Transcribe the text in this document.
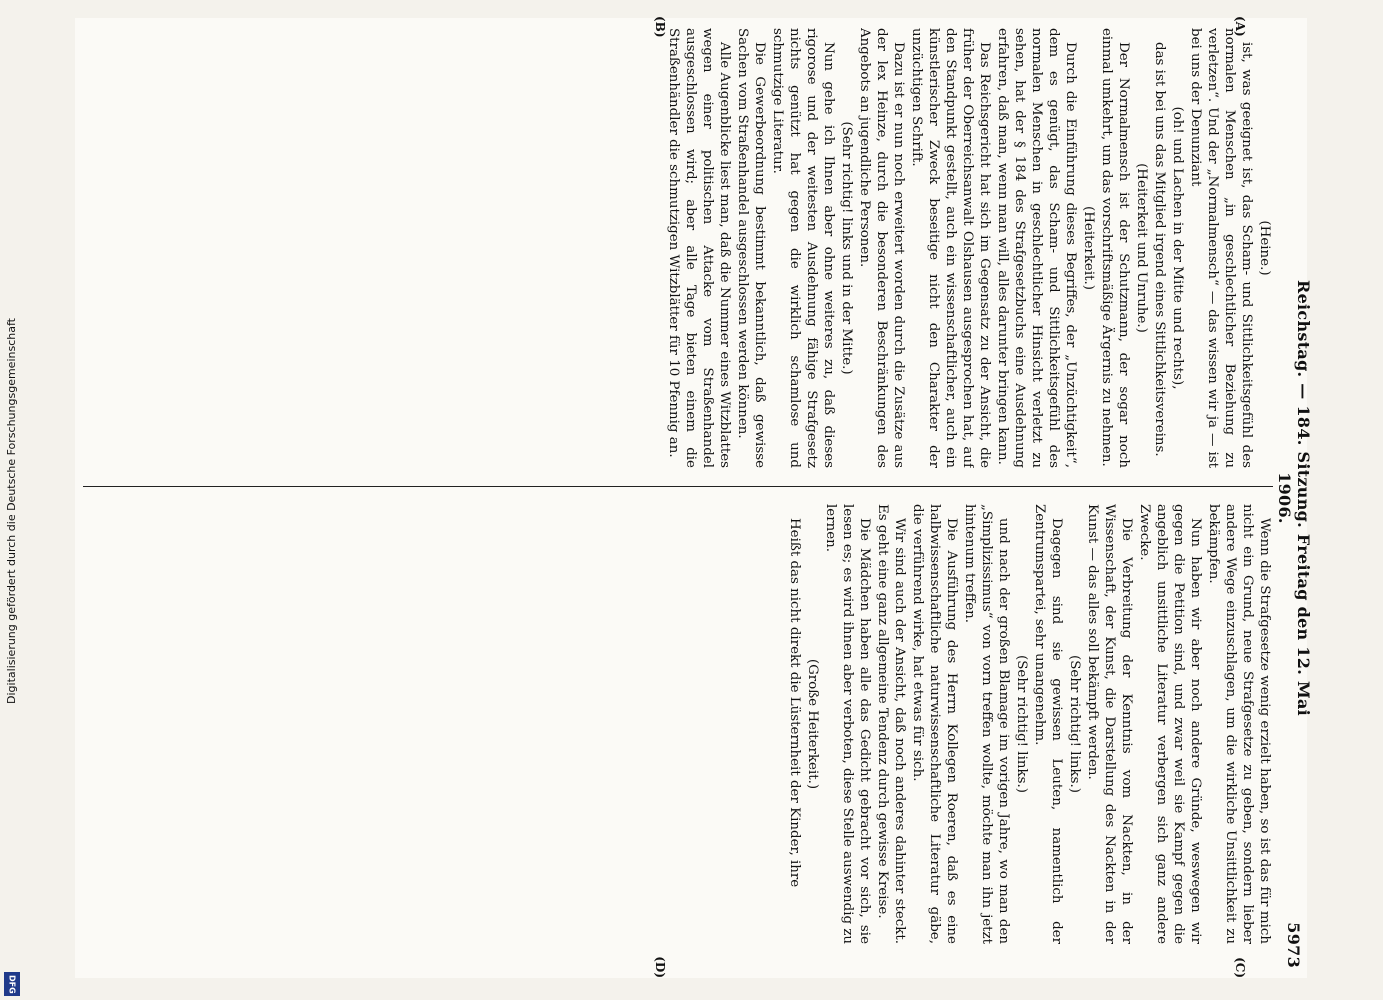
Reichstag. — 184. Sitzung. Freitag den 12. Mai 1906.
5973

(Heine.)

ist, was geeignet ist, das Scham- und Sittlichkeitsgefühl des normalen Menschen „in geschlechtlicher Beziehung zu verletzen“. Und der „Normalmensch“ — das wissen wir ja — ist bei uns der Denunziant

(oh! und Lachen in der Mitte und rechts),

das ist bei uns das Mitglied irgend eines Sittlichkeitsvereins.

(Heiterkeit und Unruhe.)

Der Normalmensch ist der Schutzmann, der sogar noch einmal umkehrt, um das vorschriftsmäßige Ärgernis zu nehmen.

(Heiterkeit.)

Durch die Einführung dieses Begriffes, der „Unzüchtigkeit“, dem es genügt, das Scham- und Sittlichkeitsgefühl des normalen Menschen in geschlechtlicher Hinsicht verletzt zu sehen, hat der § 184 des Strafgesetzbuchs eine Ausdehnung erfahren, daß man, wenn man will, alles darunter bringen kann.

Das Reichsgericht hat sich im Gegensatz zu der Ansicht, die früher der Oberreichsanwalt Olshausen ausgesprochen hat, auf den Standpunkt gestellt, auch ein wissenschaftlicher, auch ein künstlerischer Zweck beseitige nicht den Charakter der unzüchtigen Schrift.

Dazu ist er nun noch erweitert worden durch die Zusätze aus der lex Heinze, durch die besonderen Beschränkungen des Angebots an jugendliche Personen.

(Sehr richtig! links und in der Mitte.)

Nun gehe ich Ihnen aber ohne weiteres zu, daß dieses rigorose und der weitesten Ausdehnung fähige Strafgesetz nichts genützt hat gegen die wirklich schamlose und schmutzige Literatur.

Die Gewerbeordnung bestimmt bekanntlich, daß gewisse Sachen vom Straßenhandel ausgeschlossen werden können.

Alle Augenblicke liest man, daß die Nummer eines Witzblattes wegen einer politischen Attacke vom Straßenhandel ausgeschlossen wird; aber alle Tage bieten einem die Straßenhändler die schmutzigen Witzblätter für 10 Pfennig an.

Wenn die Strafgesetze wenig erzielt haben, so ist das für mich nicht ein Grund, neue Strafgesetze zu geben, sondern lieber andere Wege einzuschlagen, um die wirkliche Unsittlichkeit zu bekämpfen.

Nun haben wir aber noch andere Gründe, weswegen wir gegen die Petition sind, und zwar weil sie Kampf gegen die angeblich unsittliche Literatur verbergen sich ganz andere Zwecke.

Die Verbreitung der Kenntnis vom Nackten, in der Wissenschaft, der Kunst, die Darstellung des Nackten in der Kunst — das alles soll bekämpft werden.

(Sehr richtig! links.)

Dagegen sind sie gewissen Leuten, namentlich der Zentrumspartei, sehr unangenehm.

(Sehr richtig! links.)

und nach der großen Blamage im vorigen Jahre, wo man den „Simplizissimus“ von vorn treffen wollte, möchte man ihn jetzt hintenum treffen.

Die Ausführung des Herrn Kollegen Roeren, daß es eine halbwissenschaftliche naturwissenschaftliche Literatur gäbe, die verführend wirke, hat etwas für sich.

Wir sind auch der Ansicht, daß noch anderes dahinter steckt. Es geht eine ganz allgemeine Tendenz durch gewisse Kreise.

Die Mädchen haben alle das Gedicht gebracht vor sich, sie lesen es; es wird ihnen aber verboten, diese Stelle auswendig zu lernen.

(Große Heiterkeit.)

Heißt das nicht direkt die Lüsternheit der Kinder, ihre

(A)
(B)
(C)
(D)
Digitalisierung gefördert durch die Deutsche Forschungsgemeinschaft
DFG
